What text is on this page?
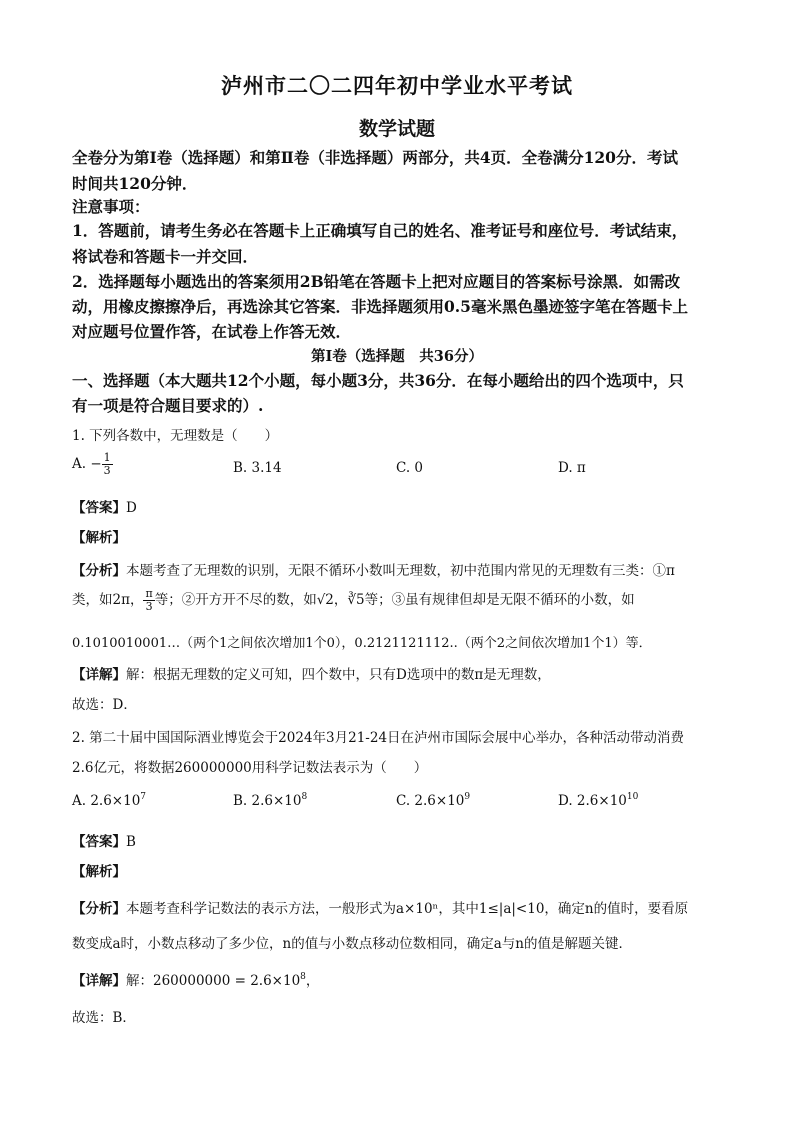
泸州市二〇二四年初中学业水平考试
数学试题
全卷分为第Ⅰ卷（选择题）和第Ⅱ卷（非选择题）两部分，共4页．全卷满分120分．考试
时间共120分钟．
注意事项：
1．答题前，请考生务必在答题卡上正确填写自己的姓名、准考证号和座位号．考试结束，
将试卷和答题卡一并交回．
2．选择题每小题选出的答案须用2B铅笔在答题卡上把对应题目的答案标号涂黑．如需改
动，用橡皮擦擦净后，再选涂其它答案．非选择题须用0.5毫米黑色墨迹签字笔在答题卡上
对应题号位置作答，在试卷上作答无效．
第Ⅰ卷（选择题　共36分）
一、选择题（本大题共12个小题，每小题3分，共36分．在每小题给出的四个选项中，只
有一项是符合题目要求的）.
1. 下列各数中，无理数是（　　）
A. − $\frac{1}{3}$	B. 3.14	C. 0	D. π
【答案】D
【解析】
【分析】本题考查了无理数的识别，无限不循环小数叫无理数，初中范围内常见的无理数有三类：①π
类，如2π， $\frac{\pi}{3}$ 等；②开方开不尽的数，如√2，∛5等；③虽有规律但却是无限不循环的小数，如
0.1010010001…（两个1之间依次增加1个0），0.2121121112..（两个2之间依次增加1个1）等．
【详解】解：根据无理数的定义可知，四个数中，只有D选项中的数π是无理数，
故选：D．
2. 第二十届中国国际酒业博览会于2024年3月21-24日在泸州市国际会展中心举办，各种活动带动消费
2.6亿元，将数据260000000用科学记数法表示为（　　）
A. $2.6\times 10^7$	B. $2.6\times 10^8$	C. $2.6\times 10^9$	D. $2.6\times 10^{10}$
【答案】B
【解析】
【分析】本题考查科学记数法的表示方法，一般形式为a×10ⁿ，其中1≤|a|<10，确定n的值时，要看原
数变成a时，小数点移动了多少位，n的值与小数点移动位数相同，确定a与n的值是解题关键．
【详解】解：$260000000 = 2.6\times 10^8$，
故选：B．
